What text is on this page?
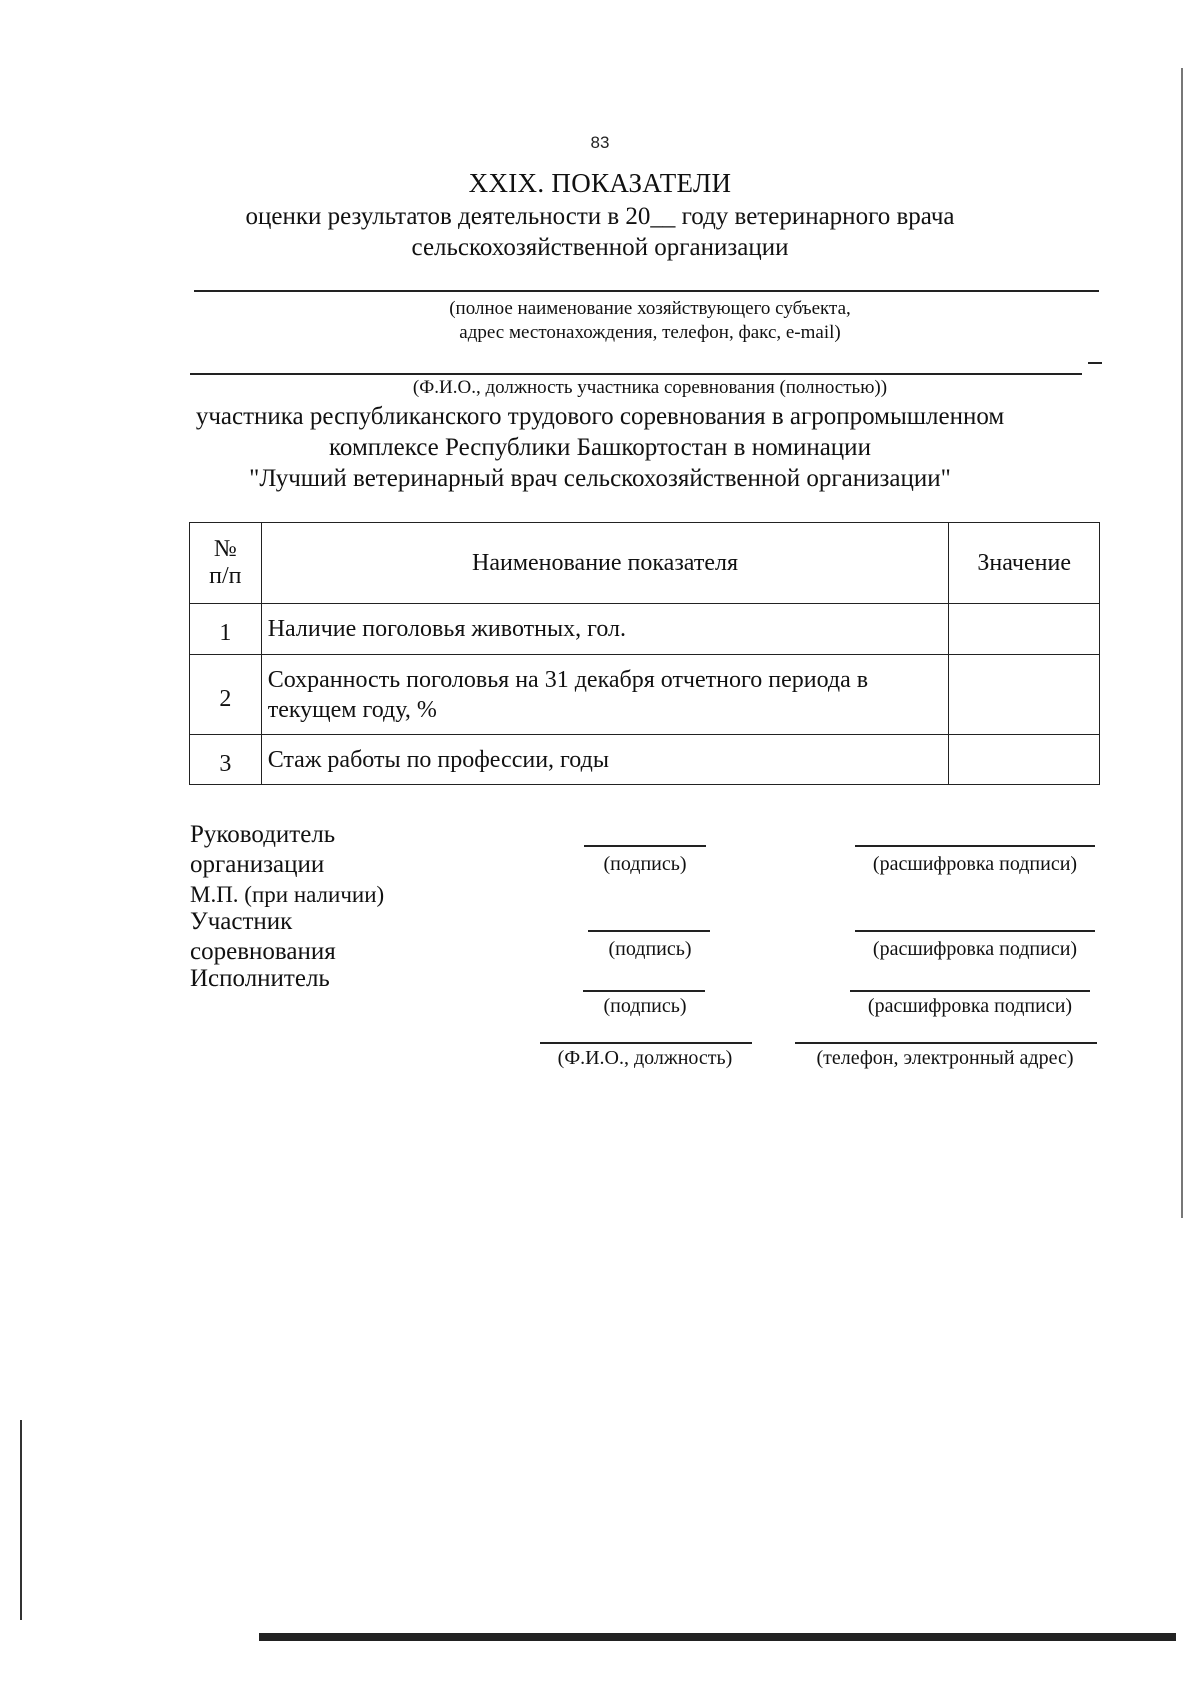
83
XXIX. ПОКАЗАТЕЛИ
оценки результатов деятельности в 20__ году ветеринарного врача
сельскохозяйственной организации
(полное наименование хозяйствующего субъекта,
адрес местонахождения, телефон, факс, e-mail)
(Ф.И.О., должность участника соревнования (полностью))
участника республиканского трудового соревнования в агропромышленном
комплексе Республики Башкортостан в номинации
"Лучший ветеринарный врач сельскохозяйственной организации"
№
п/п	Наименование показателя	Значение
1	Наличие поголовья животных, гол.	
2	Сохранность поголовья на 31 декабря отчетного периода в текущем году, %	
3	Стаж работы по профессии, годы	
Руководитель
организации
М.П. (при наличии)
Участник
соревнования
Исполнитель
(подпись)	(расшифровка подписи)
(подпись)	(расшифровка подписи)
(подпись)	(расшифровка подписи)
(Ф.И.О., должность)	(телефон, электронный адрес)
